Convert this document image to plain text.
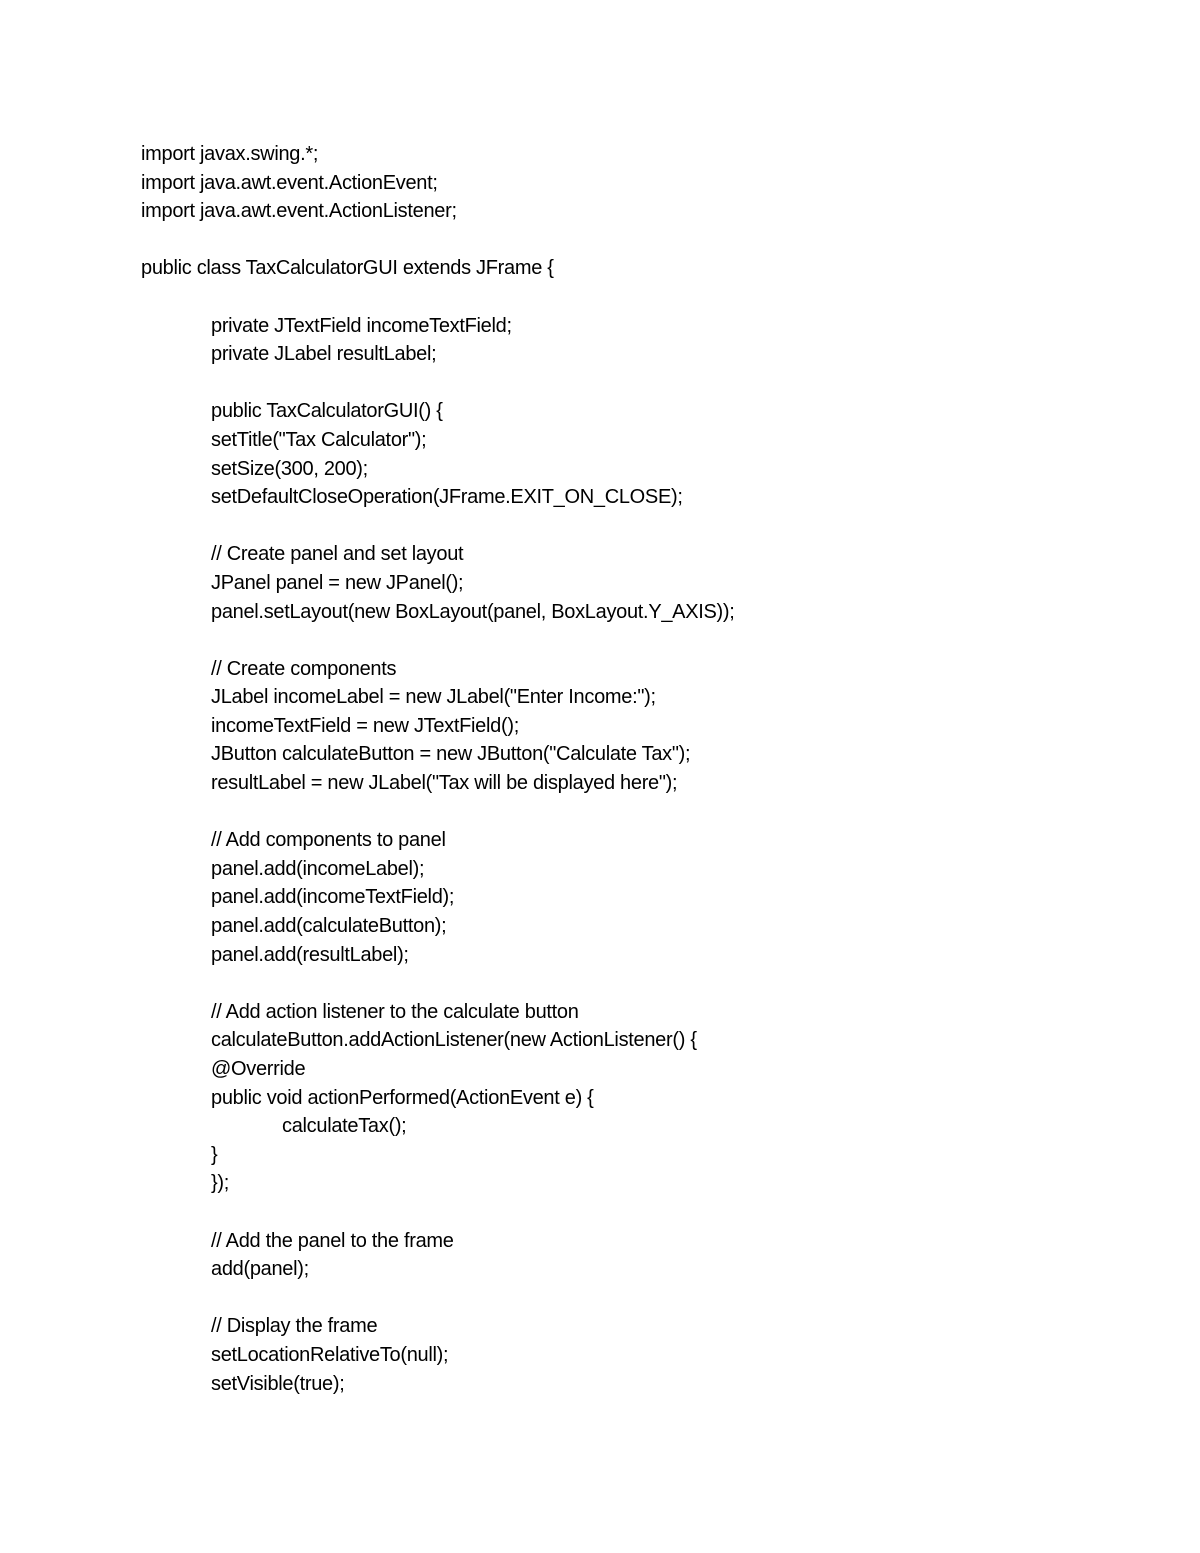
import javax.swing.*;
import java.awt.event.ActionEvent;
import java.awt.event.ActionListener;
public class TaxCalculatorGUI extends JFrame {
private JTextField incomeTextField;
private JLabel resultLabel;
public TaxCalculatorGUI() {
setTitle("Tax Calculator");
setSize(300, 200);
setDefaultCloseOperation(JFrame.EXIT_ON_CLOSE);
// Create panel and set layout
JPanel panel = new JPanel();
panel.setLayout(new BoxLayout(panel, BoxLayout.Y_AXIS));
// Create components
JLabel incomeLabel = new JLabel("Enter Income:");
incomeTextField = new JTextField();
JButton calculateButton = new JButton("Calculate Tax");
resultLabel = new JLabel("Tax will be displayed here");
// Add components to panel
panel.add(incomeLabel);
panel.add(incomeTextField);
panel.add(calculateButton);
panel.add(resultLabel);
// Add action listener to the calculate button
calculateButton.addActionListener(new ActionListener() {
@Override
public void actionPerformed(ActionEvent e) {
calculateTax();
}
});
// Add the panel to the frame
add(panel);
// Display the frame
setLocationRelativeTo(null);
setVisible(true);
